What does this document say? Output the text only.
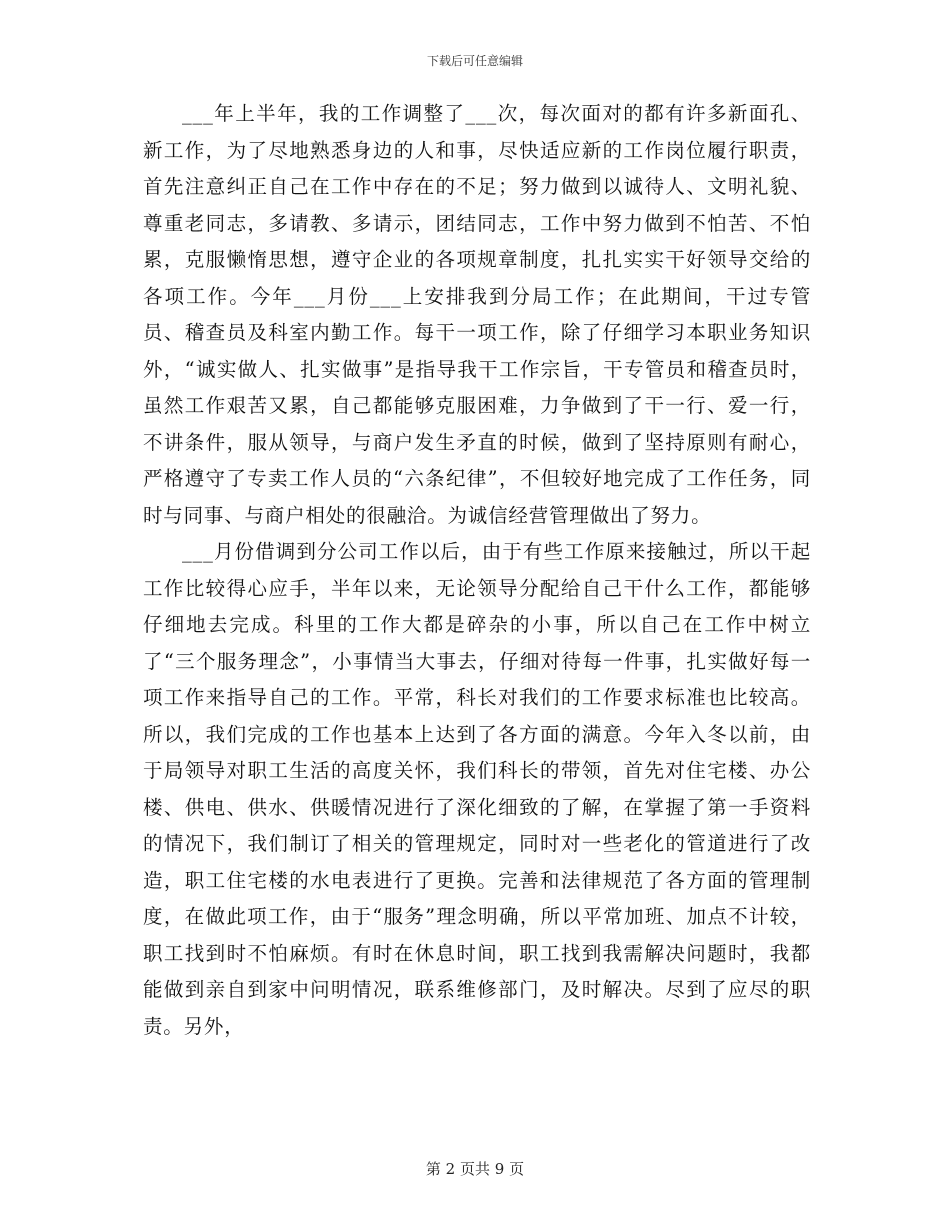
下载后可任意编辑

___年上半年，我的工作调整了___次，每次面对的都有许多新面孔、新工作，为了尽地熟悉身边的人和事，尽快适应新的工作岗位履行职责，首先注意纠正自己在工作中存在的不足；努力做到以诚待人、文明礼貌、尊重老同志，多请教、多请示，团结同志，工作中努力做到不怕苦、不怕累，克服懒惰思想，遵守企业的各项规章制度，扎扎实实干好领导交给的各项工作。今年___月份___上安排我到分局工作；在此期间，干过专管员、稽查员及科室内勤工作。每干一项工作，除了仔细学习本职业务知识外，“诚实做人、扎实做事”是指导我干工作宗旨，干专管员和稽查员时，虽然工作艰苦又累，自己都能够克服困难，力争做到了干一行、爱一行，不讲条件，服从领导，与商户发生矛直的时候，做到了坚持原则有耐心，严格遵守了专卖工作人员的“六条纪律”，不但较好地完成了工作任务，同时与同事、与商户相处的很融洽。为诚信经营管理做出了努力。

___月份借调到分公司工作以后，由于有些工作原来接触过，所以干起工作比较得心应手，半年以来，无论领导分配给自己干什么工作，都能够仔细地去完成。科里的工作大都是碎杂的小事，所以自己在工作中树立了“三个服务理念”，小事情当大事去，仔细对待每一件事，扎实做好每一项工作来指导自己的工作。平常，科长对我们的工作要求标准也比较高。所以，我们完成的工作也基本上达到了各方面的满意。今年入冬以前，由于局领导对职工生活的高度关怀，我们科长的带领，首先对住宅楼、办公楼、供电、供水、供暖情况进行了深化细致的了解，在掌握了第一手资料的情况下，我们制订了相关的管理规定，同时对一些老化的管道进行了改造，职工住宅楼的水电表进行了更换。完善和法律规范了各方面的管理制度，在做此项工作，由于“服务”理念明确，所以平常加班、加点不计较，职工找到时不怕麻烦。有时在休息时间，职工找到我需解决问题时，我都能做到亲自到家中问明情况，联系维修部门，及时解决。尽到了应尽的职责。另外，

第 2 页共 9 页
